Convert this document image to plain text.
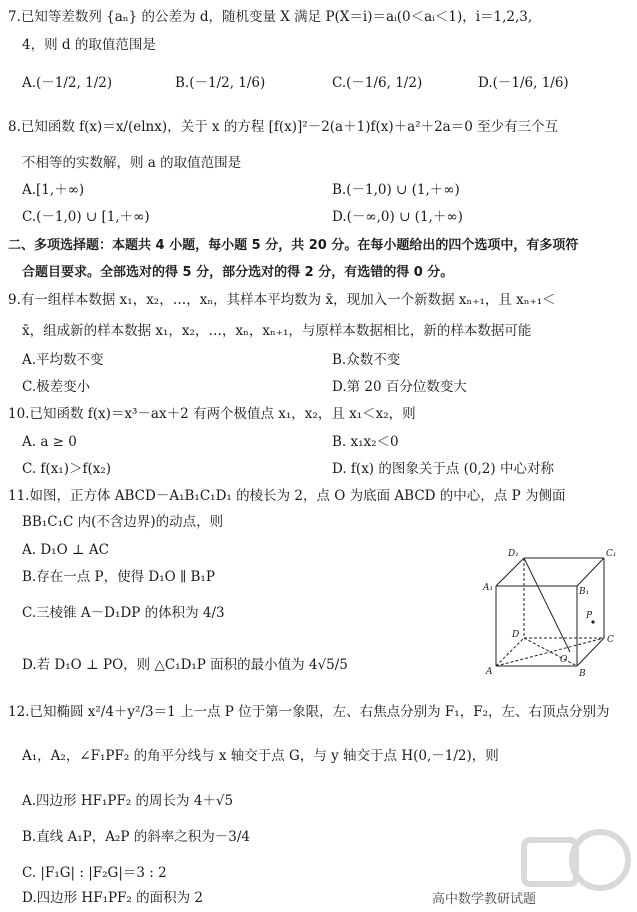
7.已知等差数列 {aₙ} 的公差为 d，随机变量 X 满足 P(X＝i)＝aᵢ(0＜aᵢ＜1)，i＝1,2,3,
4，则 d 的取值范围是
A.(－1/2, 1/2)	B.(－1/2, 1/6)	C.(－1/6, 1/2)	D.(－1/6, 1/6)
8.已知函数 f(x)＝x/(elnx)，关于 x 的方程 [f(x)]²－2(a＋1)f(x)＋a²＋2a＝0 至少有三个互
不相等的实数解，则 a 的取值范围是
A.[1,＋∞)	B.(－1,0) ∪ (1,＋∞)
C.(－1,0) ∪ [1,＋∞)	D.(－∞,0) ∪ (1,＋∞)
二、多项选择题：本题共 4 小题，每小题 5 分，共 20 分。在每小题给出的四个选项中，有多项符
合题目要求。全部选对的得 5 分，部分选对的得 2 分，有选错的得 0 分。
9.有一组样本数据 x₁，x₂，…，xₙ，其样本平均数为 x̄，现加入一个新数据 xₙ₊₁，且 xₙ₊₁＜
x̄，组成新的样本数据 x₁，x₂，…，xₙ，xₙ₊₁，与原样本数据相比，新的样本数据可能
A.平均数不变	B.众数不变
C.极差变小	D.第 20 百分位数变大
10.已知函数 f(x)＝x³－ax＋2 有两个极值点 x₁，x₂，且 x₁＜x₂，则
A. a ≥ 0	B. x₁x₂＜0
C. f(x₁)＞f(x₂)	D. f(x) 的图象关于点 (0,2) 中心对称
11.如图，正方体 ABCD－A₁B₁C₁D₁ 的棱长为 2，点 O 为底面 ABCD 的中心，点 P 为侧面
BB₁C₁C 内(不含边界)的动点，则
A. D₁O ⊥ AC
B.存在一点 P，使得 D₁O ∥ B₁P
C.三棱锥 A－D₁DP 的体积为 4/3
D.若 D₁O ⊥ PO，则 △C₁D₁P 面积的最小值为 4√5/5
D₁	C₁
A₁	B₁
P
D	C
O
A	B
12.已知椭圆 x²/4＋y²/3＝1 上一点 P 位于第一象限，左、右焦点分别为 F₁，F₂，左、右顶点分别为
A₁，A₂，∠F₁PF₂ 的角平分线与 x 轴交于点 G，与 y 轴交于点 H(0,－1/2)，则
A.四边形 HF₁PF₂ 的周长为 4＋√5
B.直线 A₁P，A₂P 的斜率之积为－3/4
C. |F₁G| : |F₂G|＝3 : 2
D.四边形 HF₁PF₂ 的面积为 2	高中数学教研试题
